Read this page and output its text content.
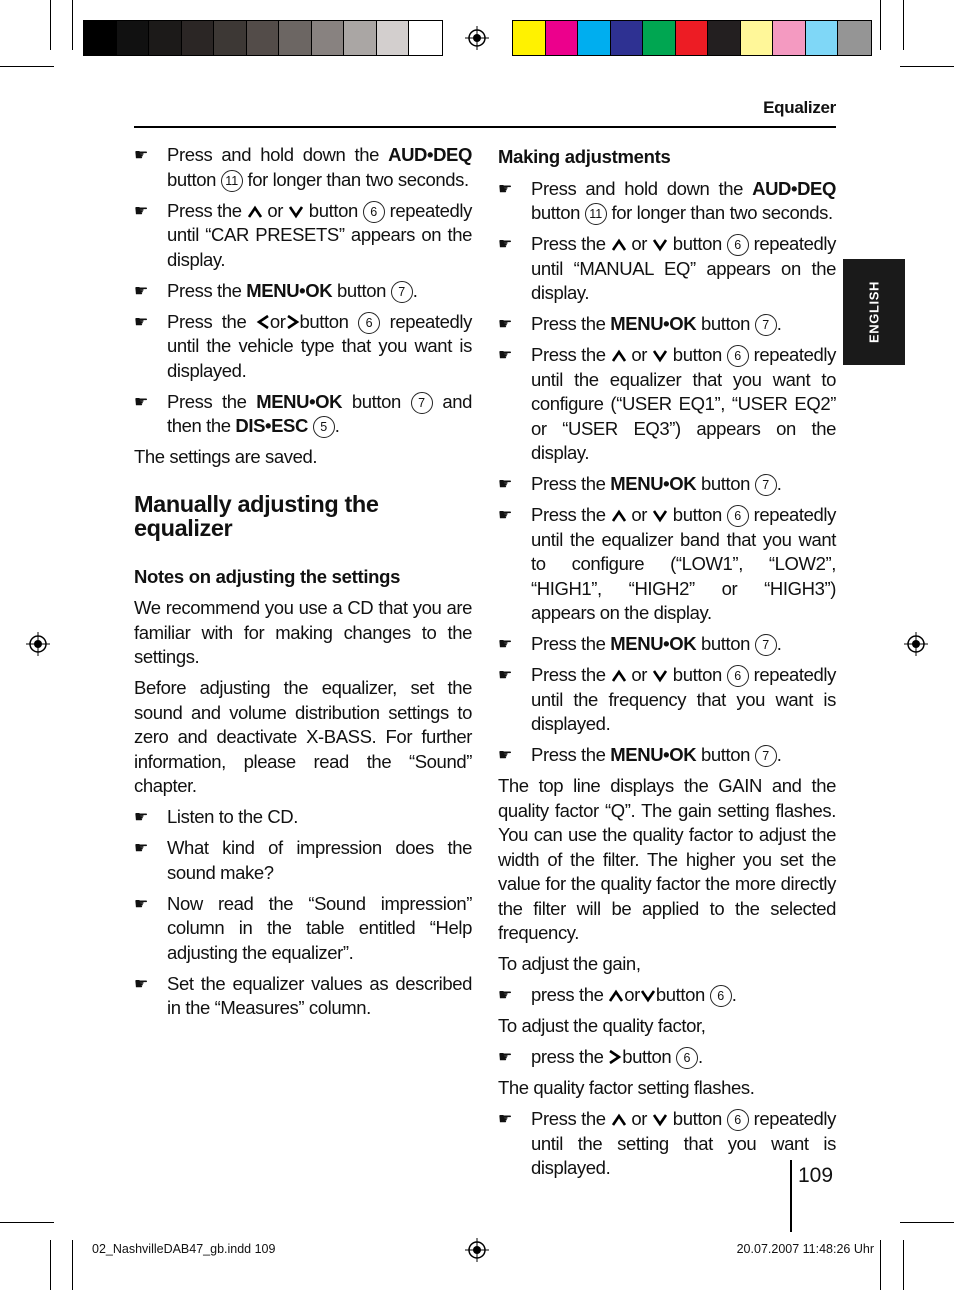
Equalizer
ENGLISH
☛ Press and hold down the AUD•DEQ button 11 for longer than two seconds.
☛ Press the  or  button 6 repeatedly until “CAR PRESETS” appears on the display.
☛ Press the MENU•OK button 7 .
☛ Press the or button 6 repeatedly until the vehicle type that you want is displayed.
☛ Press the MENU•OK button 7 and then the DIS•ESC 5 .

The settings are saved.

Manually adjusting the equalizer
Notes on adjusting the settings

We recommend you use a CD that you are familiar with for making changes to the settings.

Before adjusting the equalizer, set the sound and volume distribution settings to zero and deactivate X-BASS. For further information, please read the “Sound” chapter.

☛ Listen to the CD.
☛ What kind of impression does the sound make?
☛ Now read the “Sound impression” column in the table entitled “Help adjusting the equalizer”.
☛ Set the equalizer values as described in the “Measures” column.
Making adjustments
☛ Press and hold down the AUD•DEQ button 11 for longer than two seconds.
☛ Press the  or  button 6 repeatedly until “MANUAL EQ” appears on the display.
☛ Press the MENU•OK button 7 .
☛ Press the  or  button 6 repeatedly until the equalizer that you want to configure (“USER EQ1”, “USER EQ2” or “USER EQ3”) appears on the display.
☛ Press the MENU•OK button 7 .
☛ Press the  or  button 6 repeatedly until the equalizer band that you want to configure (“LOW1”, “LOW2”, “HIGH1”, “HIGH2” or “HIGH3”) appears on the display.
☛ Press the MENU•OK button 7 .
☛ Press the  or  button 6 repeatedly until the frequency that you want is displayed.
☛ Press the MENU•OK button 7 .

The top line displays the GAIN and the quality factor “Q”. The gain setting flashes. You can use the quality factor to adjust the width of the filter. The higher you set the value for the quality factor the more directly the filter will be applied to the selected frequency.

To adjust the gain,

☛ press the or button 6 .

To adjust the quality factor,

☛ press the button 6 .

The quality factor setting flashes.

☛ Press the  or  button 6 repeatedly until the setting that you want is displayed.	109
02_NashvilleDAB47_gb.indd 109	20.07.2007 11:48:26 Uhr
